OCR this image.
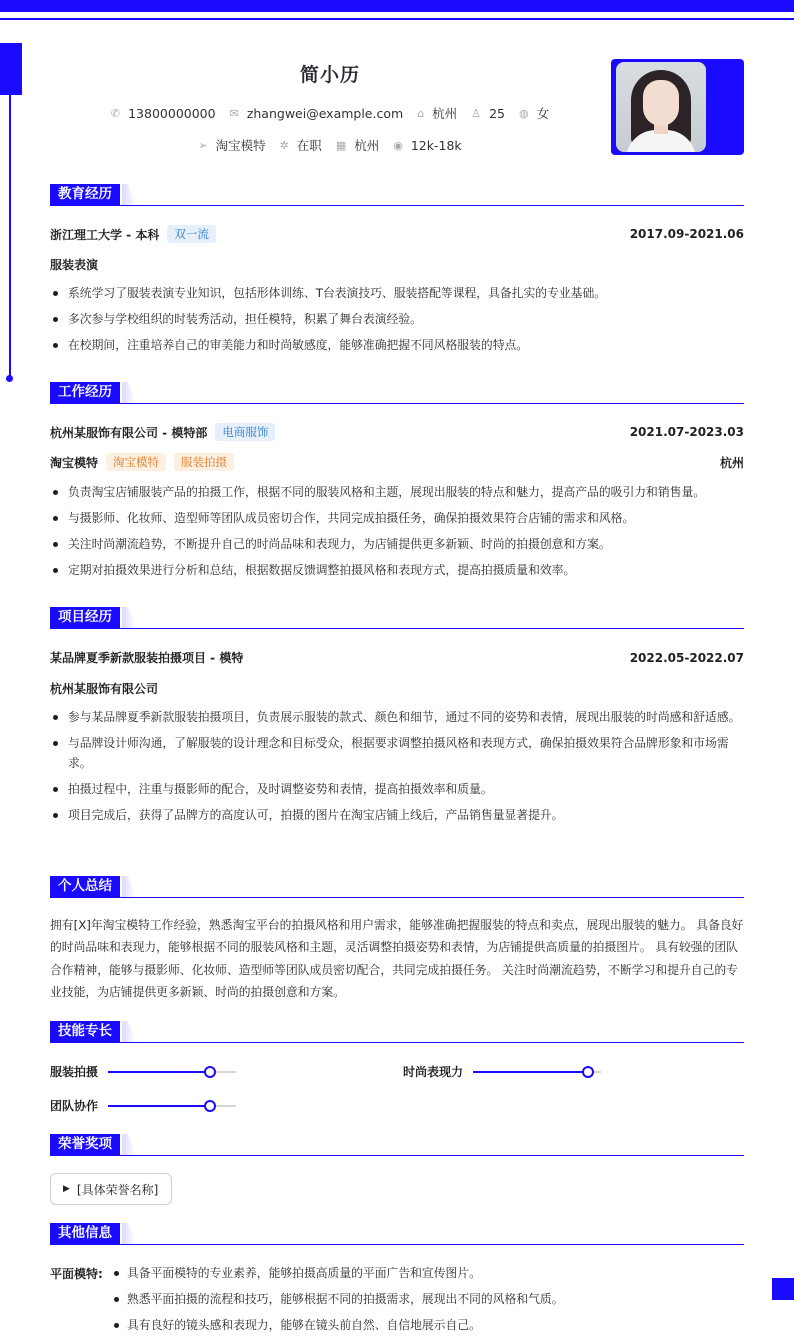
简小历
✆ 13800000000 ✉ zhangwei@example.com ⌂ 杭州 ♙ 25 ◍ 女
➢ 淘宝模特 ✲ 在职 ▦ 杭州 ◉ 12k-18k
教育经历
浙江理工大学 - 本科	双一流	2017.09-2021.06
服装表演
系统学习了服装表演专业知识，包括形体训练、T台表演技巧、服装搭配等课程，具备扎实的专业基础。
多次参与学校组织的时装秀活动，担任模特，积累了舞台表演经验。
在校期间，注重培养自己的审美能力和时尚敏感度，能够准确把握不同风格服装的特点。
工作经历
杭州某服饰有限公司 - 模特部	电商服饰	2021.07-2023.03
淘宝模特	淘宝模特	服装拍摄	杭州
负责淘宝店铺服装产品的拍摄工作，根据不同的服装风格和主题，展现出服装的特点和魅力，提高产品的吸引力和销售量。
与摄影师、化妆师、造型师等团队成员密切合作，共同完成拍摄任务，确保拍摄效果符合店铺的需求和风格。
关注时尚潮流趋势，不断提升自己的时尚品味和表现力，为店铺提供更多新颖、时尚的拍摄创意和方案。
定期对拍摄效果进行分析和总结，根据数据反馈调整拍摄风格和表现方式，提高拍摄质量和效率。
项目经历
某品牌夏季新款服装拍摄项目 - 模特	2022.05-2022.07
杭州某服饰有限公司
参与某品牌夏季新款服装拍摄项目，负责展示服装的款式、颜色和细节，通过不同的姿势和表情，展现出服装的时尚感和舒适感。
与品牌设计师沟通，了解服装的设计理念和目标受众，根据要求调整拍摄风格和表现方式，确保拍摄效果符合品牌形象和市场需求。
拍摄过程中，注重与摄影师的配合，及时调整姿势和表情，提高拍摄效率和质量。
项目完成后，获得了品牌方的高度认可，拍摄的图片在淘宝店铺上线后，产品销售量显著提升。
个人总结
拥有[X]年淘宝模特工作经验，熟悉淘宝平台的拍摄风格和用户需求，能够准确把握服装的特点和卖点，展现出服装的魅力。 具备良好的时尚品味和表现力，能够根据不同的服装风格和主题，灵活调整拍摄姿势和表情，为店铺提供高质量的拍摄图片。 具有较强的团队合作精神，能够与摄影师、化妆师、造型师等团队成员密切配合，共同完成拍摄任务。 关注时尚潮流趋势，不断学习和提升自己的专业技能，为店铺提供更多新颖、时尚的拍摄创意和方案。
技能专长
服装拍摄	时尚表现力
团队协作
荣誉奖项
▶ [具体荣誉名称]
其他信息
平面模特:	具备平面模特的专业素养，能够拍摄高质量的平面广告和宣传图片。
熟悉平面拍摄的流程和技巧，能够根据不同的拍摄需求，展现出不同的风格和气质。
具有良好的镜头感和表现力，能够在镜头前自然、自信地展示自己。
